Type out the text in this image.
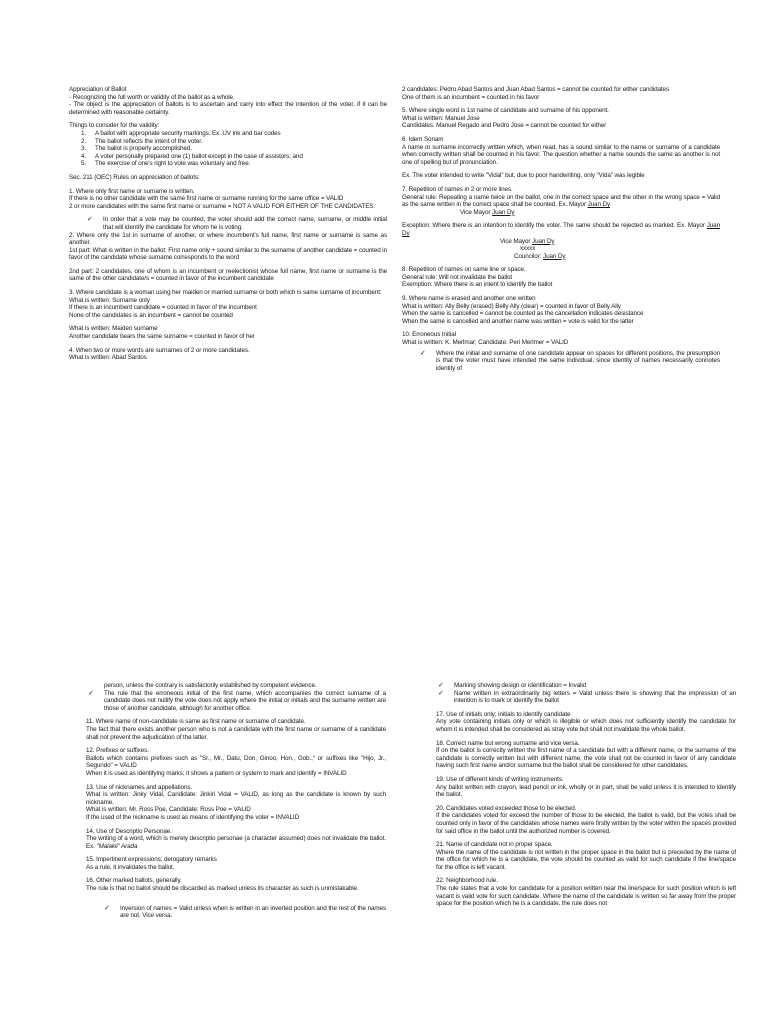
Appreciation of Ballot

- Recognizing the full worth or validity of the ballot as a whole.

- The object is the appreciation of ballots is to ascertain and carry into effect the intention of the voter, if it can be determined with reasonable certainty.

Things to consider for the validity:

1. A ballot with appropriate security markings. Ex. UV ink and bar codes
2. The ballot reflects the intent of the voter.
3. The ballot is properly accomplished.
4. A voter personally prepared one (1) ballot except in the case of assistors; and
5. The exercise of one's right to vote was voluntary and free.

Sec. 211 (OEC) Rules on appreciation of ballots:

1. Where only first name or surname is written.

If there is no other candidate with the same first name or surname running for the same office = VALID

2 or more candidates with the same first name or surname = NOT A VALID FOR EITHER OF THE CANDIDATES.

✓ In order that a vote may be counted, the voter should add the correct name, surname, or middle initial that will identify the candidate for whom he is voting.

2. Where only the 1st in surname of another, or where incumbent's full name, first name or surname is same as another.

1st part: What is written in the ballot: First name only + sound similar to the surname of another candidate = counted in favor of the candidate whose surname corresponds to the word

2nd part: 2 candidates, one of whom is an incumbent or reelectionist whose full name, first name or surname is the same of the other candidate/s = counted in favor of the incumbent candidate

3. Where candidate is a woman using her maiden or married surname or both which is same surname of incumbent:

What is written: Surname only

If there is an incumbent candidate = counted in favor of the incumbent

None of the candidates is an incumbent = cannot be counted

What is written: Maiden surname

Another candidate bears the same surname = counted in favor of her

4. When two or more words are surnames of 2 or more candidates.

What is written: Abad Santos

2 candidates: Pedro Abad Santos and Juan Abad Santos = cannot be counted for either candidates

One of them is an incumbent = counted in his favor

5. Where single word is 1st name of candidate and surname of his opponent.

What is written: Manuel Jose

Candidates: Manuel Regado and Pedro Jose = cannot be counted for either

6. Idem Sonam

A name or surname incorrectly written which, when read, has a sound similar to the name or surname of a candidate when correctly written shall be counted in his favor. The question whether a name sounds the same as another is not one of spelling but of pronunciation.

Ex. The voter intended to write "Vidal" but, due to poor handwriting, only "Vida" was legible

7. Repetition of names in 2 or more lines.

General rule: Repeating a name twice on the ballot, one in the correct space and the other in the wrong space = Valid as the same written in the correct space shall be counted. Ex. Mayor Juan Dy

Vice Mayor Juan Dy

Exception: Where there is an intention to identify the voter. The same should be rejected as marked. Ex. Mayor Juan Dy

Vice Mayor Juan Dy

xxxxx

Councilor: Juan Dy

8. Repetition of names on same line or space.

General rule: Will not invalidate the ballot

Exemption: Where there is an intent to identify the ballot

9. Where name is erased and another one written

What is written: Ally Belly (erased) Belly Ally (clear) = counted in favor of Belly Ally

When the same is cancelled = cannot be counted as the cancellation indicates desistance

When the same is cancelled and another name was written = vote is valid for the latter

10. Erroneous Initial

What is written: K. Merlmar; Candidate: Peri Merlmer = VALID

✓ Where the initial and surname of one candidate appear on spaces for different positions, the presumption is that the voter must have intended the same individual, since identity of names necessarily connotes identity of

person, unless the contrary is satisfactorily established by competent evidence.

✓ The rule that the erroneous initial of the first name, which accompanies the correct surname of a candidate does not nullify the vote does not apply where the initial or initials and the surname written are those of another candidate, although for another office.

11. Where name of non-candidate is same as first name or surname of candidate.

The fact that there exists another person who is not a candidate with the first name or surname of a candidate shall not prevent the adjudication of the latter.

12. Prefixes or suffixes.

Ballots which contains prefixes such as "Sr., Mr., Datu, Don, Ginoo, Hon., Gob.," or suffixes like "Hijo, Jr., Segundo" = VALID

When it is used as identifying marks; it shows a pattern or system to mark and identify = INVALID

13. Use of nicknames and appellations.

What is written: Jinky Vidal, Candidate: Jinkiri Vidal = VALID, as long as the candidate is known by such nickname.

What is written: Mr. Ross Poe, Candidate: Ross Poe = VALID

If the used of the nickname is used as means of identifying the voter = INVALID

14. Use of Descriptio Personae.

The writing of a word, which is merely descriptio personae (a character assumed) does not invalidate the ballot. Ex. "Malakii" Arada

15. Impertinent expressions; derogatory remarks

As a rule, it invalidates the ballot.

16. Other marked ballots, generally.

The rule is that no ballot should be discarded as marked unless its character as such is unmistakable.

✓ Inversion of names = Valid unless when is written in an inverted position and the rest of the names are not. Vice versa.

✓ Marking showing design or identification = Invalid

✓ Name written in extraordinarily big letters = Valid unless there is showing that the impression of an intention is to mark or identify the ballot

17. Use of initials only; initials to identify candidate

Any vote containing initials only or which is illegible or which does not sufficiently identify the candidate for whom it is intended shall be considered as stray vote but shall not invalidate the whole ballot.

18. Correct name but wrong surname and vice versa.

If on the ballot is correctly written the first name of a candidate but with a different name, or the surname of the candidate is correctly written but with different name, the vote shall not be counted in favor of any candidate having such first name and/or surname but the ballot shall be considered for other candidates.

19. Use of different kinds of writing instruments.

Any ballot written with crayon, lead pencil or ink, wholly or in part, shall be valid unless it is intended to identify the ballot.

20. Candidates voted exceeded those to be elected.

If the candidates voted for exceed the number of those to be elected, the ballot is valid, but the votes shall be counted only in favor of the candidates whose names were firstly written by the voter within the spaces provided for said office in the ballot until the authorized number is covered.

21. Name of candidate not in proper space.

Where the name of the candidate is not written in the proper space in the ballot but is preceded by the name of the office for which he is a candidate, the vote should be counted as valid for such candidate if the line/space for the office is left vacant.

22. Neighborhood rule.

The rule states that a vote for candidate for a position written near the line/space for such position which is left vacant is valid vote for such candidate. Where the name of the candidate is written so far away from the proper space for the position which he is a candidate, the rule does not
